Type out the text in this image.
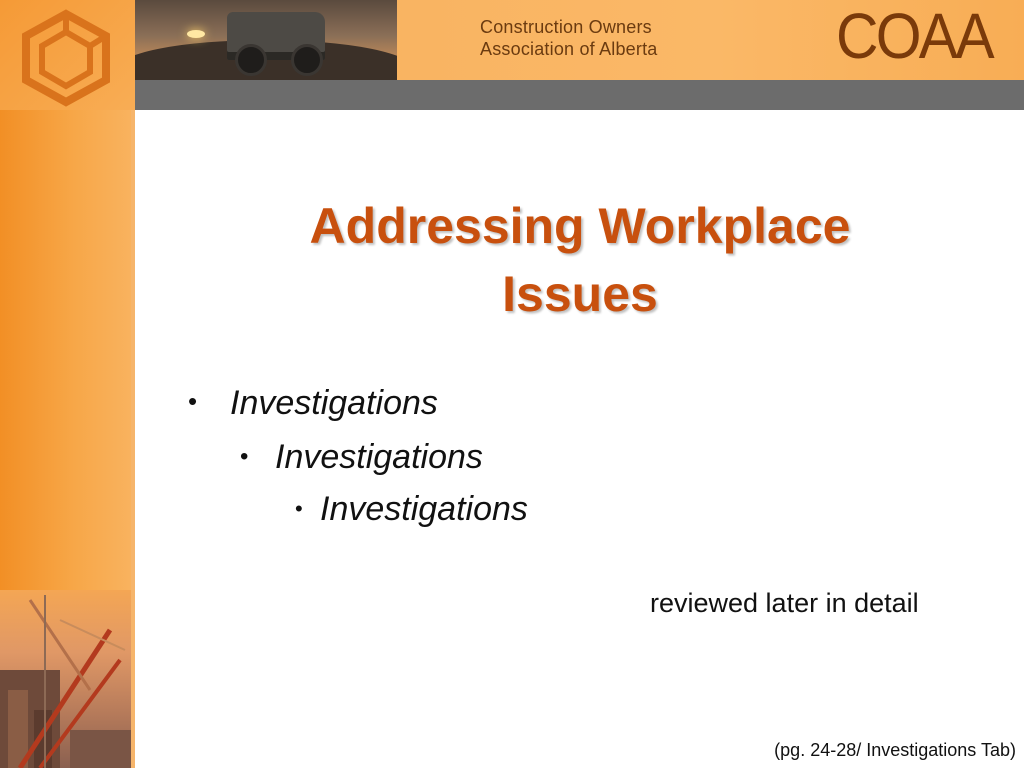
Construction Owners
Association of Alberta	COAA
Addressing Workplace
Issues
• Investigations
• Investigations
• Investigations
reviewed later in detail
(pg. 24-28/ Investigations Tab)
